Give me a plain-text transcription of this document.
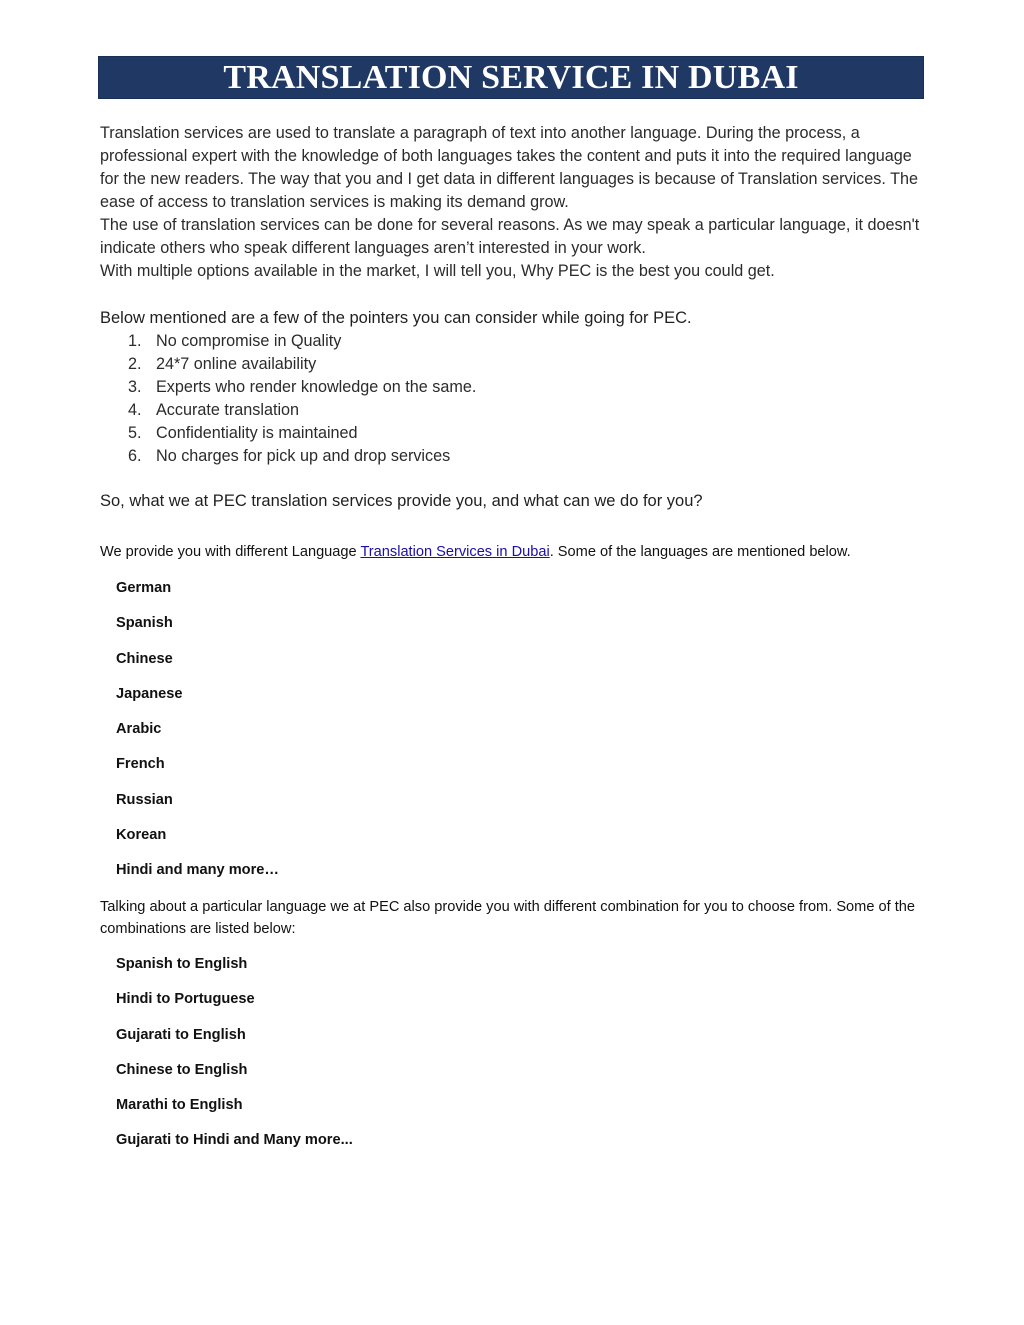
TRANSLATION SERVICE IN DUBAI

Translation services are used to translate a paragraph of text into another language. During the process, a professional expert with the knowledge of both languages takes the content and puts it into the required language for the new readers. The way that you and I get data in different languages is because of Translation services. The ease of access to translation services is making its demand grow.

The use of translation services can be done for several reasons. As we may speak a particular language, it doesn't indicate others who speak different languages aren’t interested in your work.

With multiple options available in the market, I will tell you, Why PEC is the best you could get.

Below mentioned are a few of the pointers you can consider while going for PEC.

1. No compromise in Quality
2. 24*7 online availability
3. Experts who render knowledge on the same.
4. Accurate translation
5. Confidentiality is maintained
6. No charges for pick up and drop services
So, what we at PEC translation services provide you, and what can we do for you?
We provide you with different Language Translation Services in Dubai. Some of the languages are mentioned below.
German
Spanish
Chinese
Japanese
Arabic
French
Russian
Korean
Hindi and many more…
Talking about a particular language we at PEC also provide you with different combination for you to choose from. Some of the combinations are listed below:
Spanish to English
Hindi to Portuguese
Gujarati to English
Chinese to English
Marathi to English
Gujarati to Hindi and Many more...
